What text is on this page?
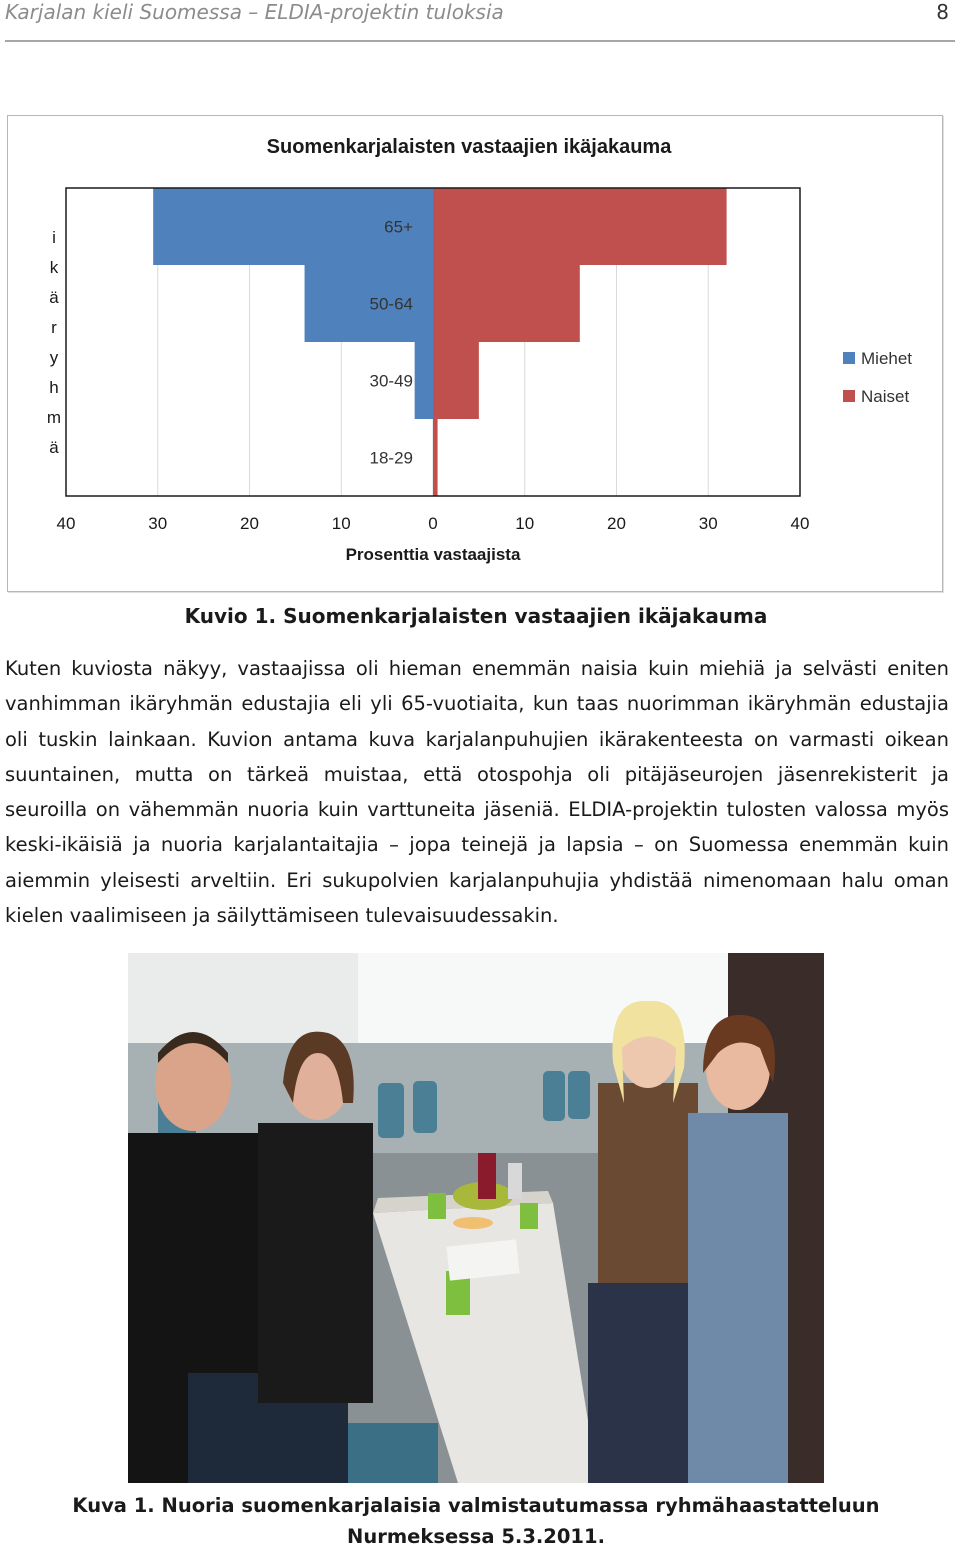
Karjalan kieli Suomessa – ELDIA-projektin tuloksia	8
Suomenkarjalaisten vastaajien ikäjakauma
65+
50-64
30-49
18-29
i
k
ä
r
y
h
m
ä
40	30	20	10	0	10	20	30	40
Prosenttia vastaajista
Miehet
Naiset
Kuvio 1. Suomenkarjalaisten vastaajien ikäjakauma

Kuten kuviosta näkyy, vastaajissa oli hieman enemmän naisia kuin miehiä ja selvästi eniten vanhimman ikäryhmän edustajia eli yli 65-vuotiaita, kun taas nuorimman ikäryhmän edustajia oli tuskin lainkaan. Kuvion antama kuva karjalanpuhujien ikärakenteesta on varmasti oikean suuntainen, mutta on tärkeä muistaa, että otospohja oli pitäjäseurojen jäsenrekisterit ja seuroilla on vähemmän nuoria kuin varttuneita jäseniä. ELDIA-projektin tulosten valossa myös keski-ikäisiä ja nuoria karjalantaitajia – jopa teinejä ja lapsia – on Suomessa enemmän kuin aiemmin yleisesti arveltiin. Eri sukupolvien karjalanpuhujia yhdistää nimenomaan halu oman kielen vaalimiseen ja säilyttämiseen tulevaisuudessakin.

Kuva 1. Nuoria suomenkarjalaisia valmistautumassa ryhmähaastatteluun Nurmeksessa 5.3.2011.
